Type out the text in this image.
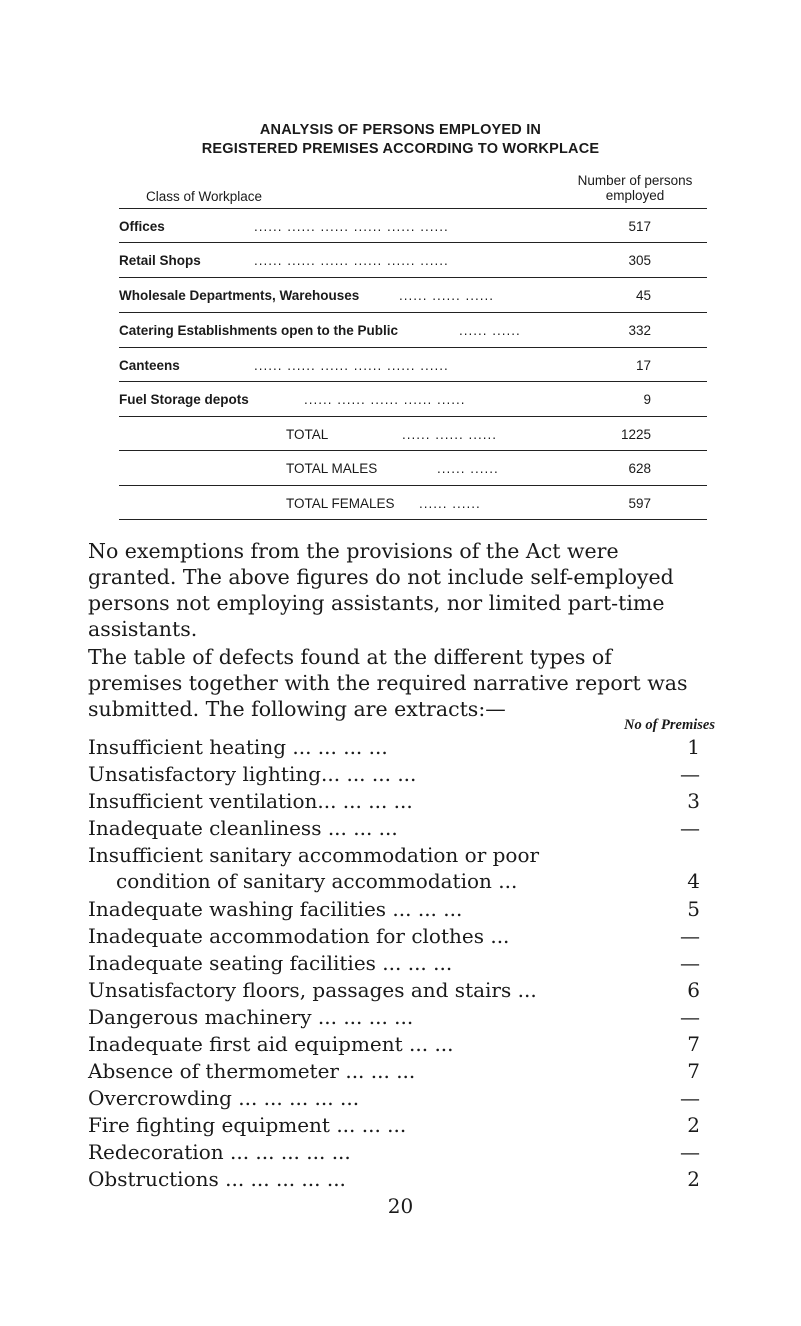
ANALYSIS OF PERSONS EMPLOYED IN
REGISTERED PREMISES ACCORDING TO WORKPLACE
Class of Workplace
Number of persons
employed
Offices	...... ...... ...... ...... ...... ......	517
Retail Shops	...... ...... ...... ...... ...... ......	305
Wholesale Departments, Warehouses	...... ...... ......	45
Catering Establishments open to the Public	...... ......	332
Canteens	...... ...... ...... ...... ...... ......	17
Fuel Storage depots	...... ...... ...... ...... ......	9
TOTAL	...... ...... ......	1225
TOTAL MALES	...... ......	628
TOTAL FEMALES ...... ......	597
No exemptions from the provisions of the Act were
granted. The above figures do not include self-employed
persons not employing assistants, nor limited part-time
assistants.
The table of defects found at the different types of
premises together with the required narrative report was
submitted. The following are extracts:—
No of Premises
Insufficient heating ... ... ... ...	1
Unsatisfactory lighting... ... ... ...	—
Insufficient ventilation... ... ... ...	3
Inadequate cleanliness ... ... ...	—
Insufficient sanitary accommodation or poor
condition of sanitary accommodation ...	4
Inadequate washing facilities ... ... ...	5
Inadequate accommodation for clothes ...	—
Inadequate seating facilities ... ... ...	—
Unsatisfactory floors, passages and stairs ...	6
Dangerous machinery ... ... ... ...	—
Inadequate first aid equipment ... ...	7
Absence of thermometer ... ... ...	7
Overcrowding ... ... ... ... ...	—
Fire fighting equipment ... ... ...	2
Redecoration ... ... ... ... ...	—
Obstructions ... ... ... ... ...	2
20
